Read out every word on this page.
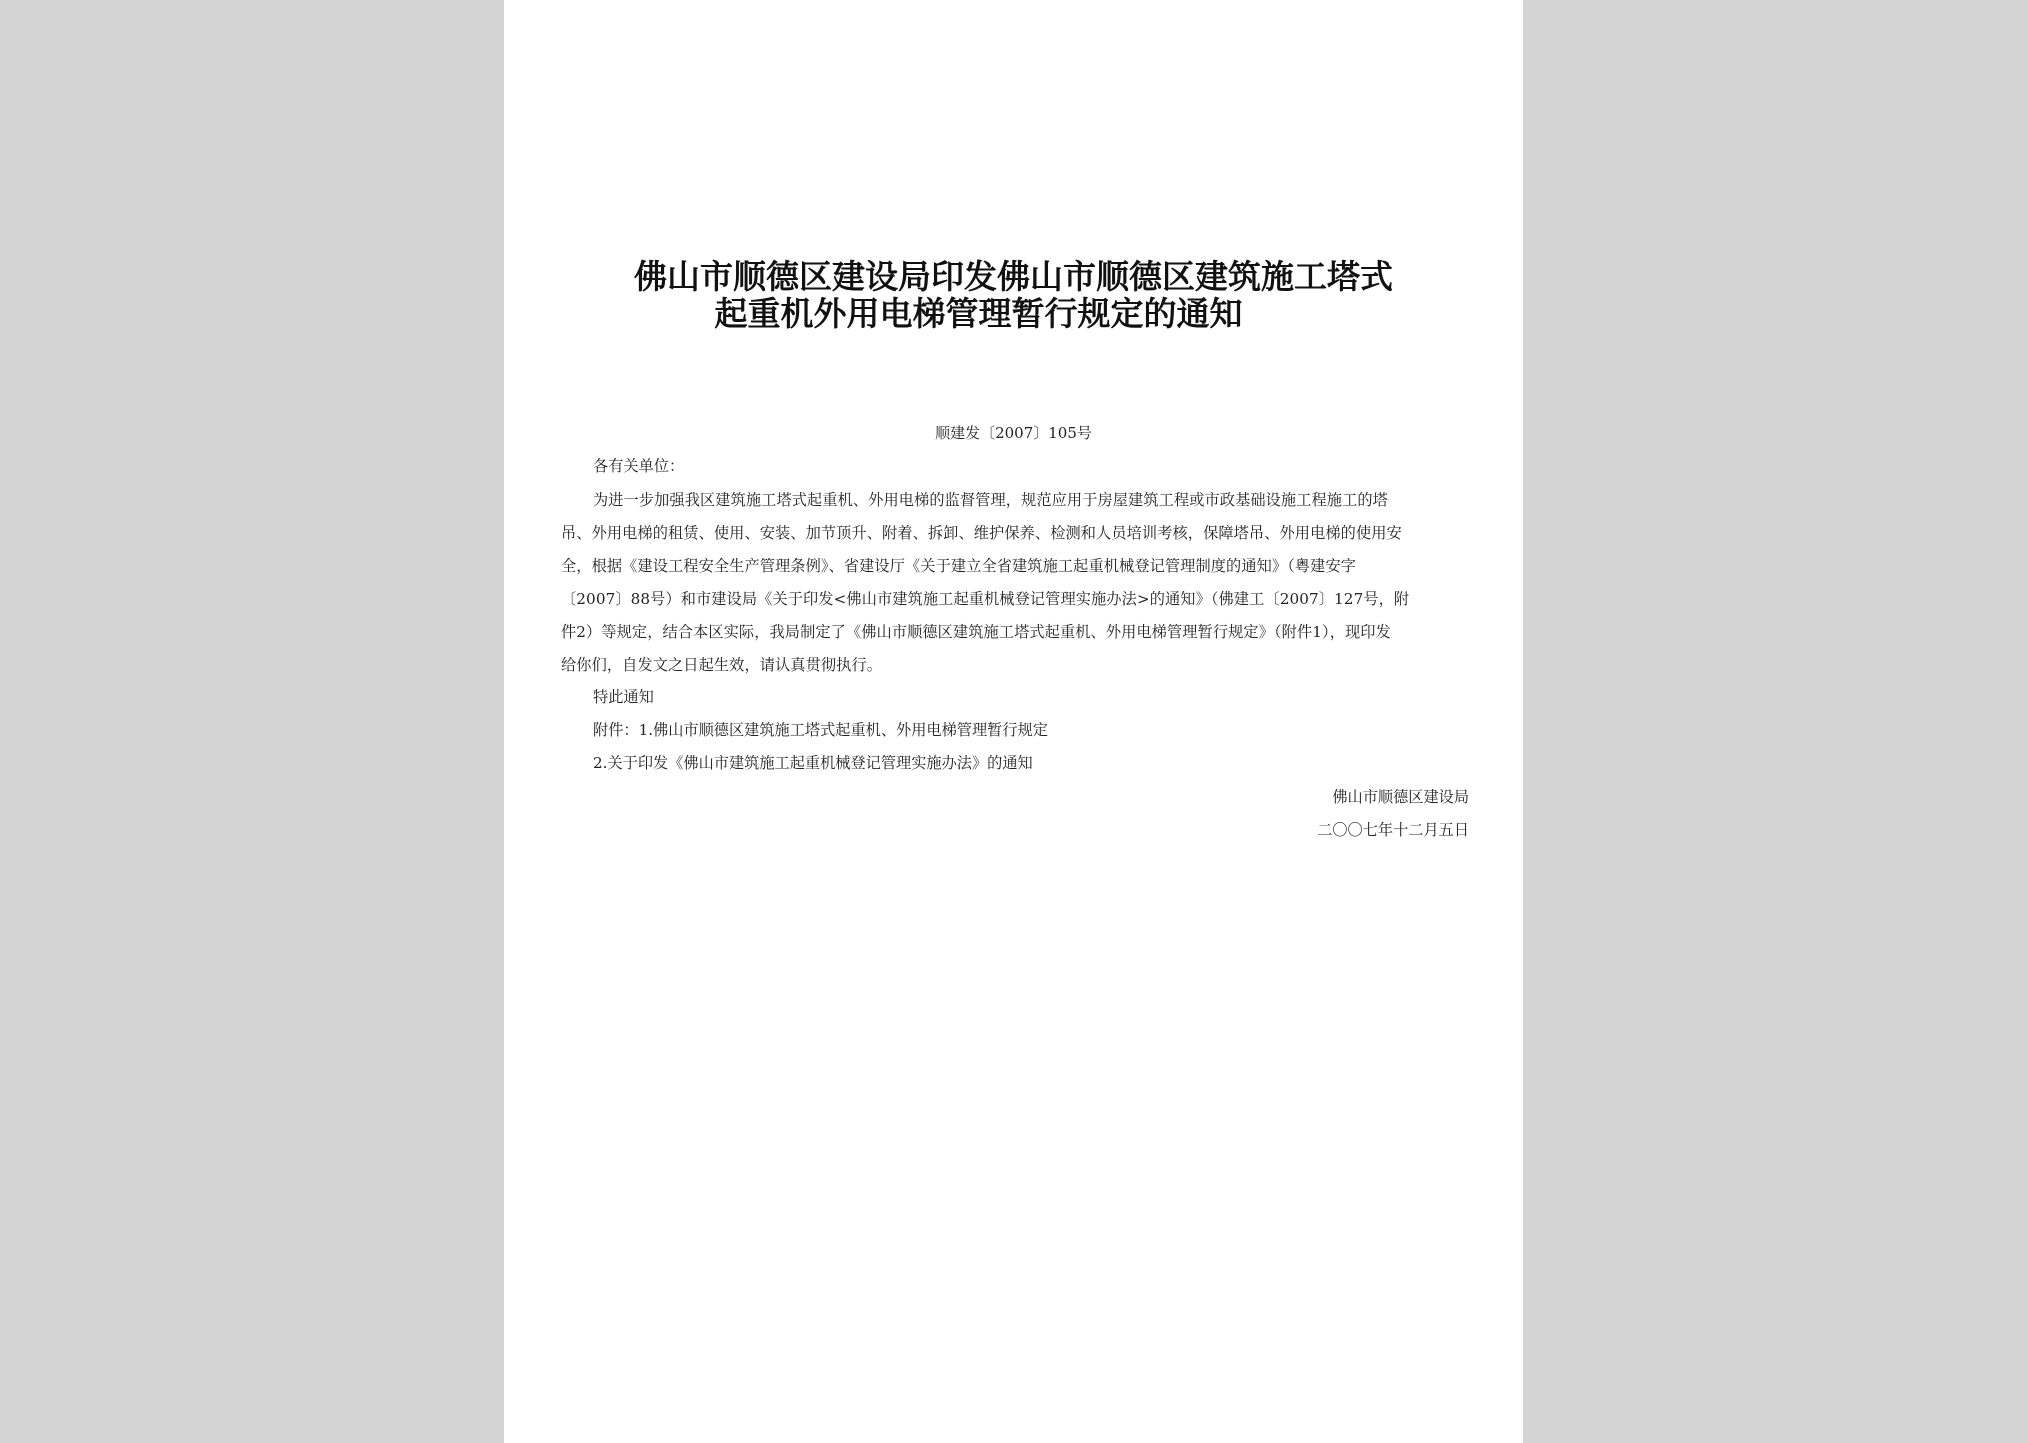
佛山市顺德区建设局印发佛山市顺德区建筑施工塔式
起重机外用电梯管理暂行规定的通知
顺建发〔2007〕105号
各有关单位：
为进一步加强我区建筑施工塔式起重机、外用电梯的监督管理，规范应用于房屋建筑工程或市政基础设施工程施工的塔
吊、外用电梯的租赁、使用、安装、加节顶升、附着、拆卸、维护保养、检测和人员培训考核，保障塔吊、外用电梯的使用安
全，根据《建设工程安全生产管理条例》、省建设厅《关于建立全省建筑施工起重机械登记管理制度的通知》（粤建安字
〔2007〕88号）和市建设局《关于印发<佛山市建筑施工起重机械登记管理实施办法>的通知》（佛建工〔2007〕127号，附
件2）等规定，结合本区实际，我局制定了《佛山市顺德区建筑施工塔式起重机、外用电梯管理暂行规定》（附件1），现印发
给你们，自发文之日起生效，请认真贯彻执行。
特此通知
附件：1.佛山市顺德区建筑施工塔式起重机、外用电梯管理暂行规定
2.关于印发《佛山市建筑施工起重机械登记管理实施办法》的通知
佛山市顺德区建设局
二〇〇七年十二月五日
